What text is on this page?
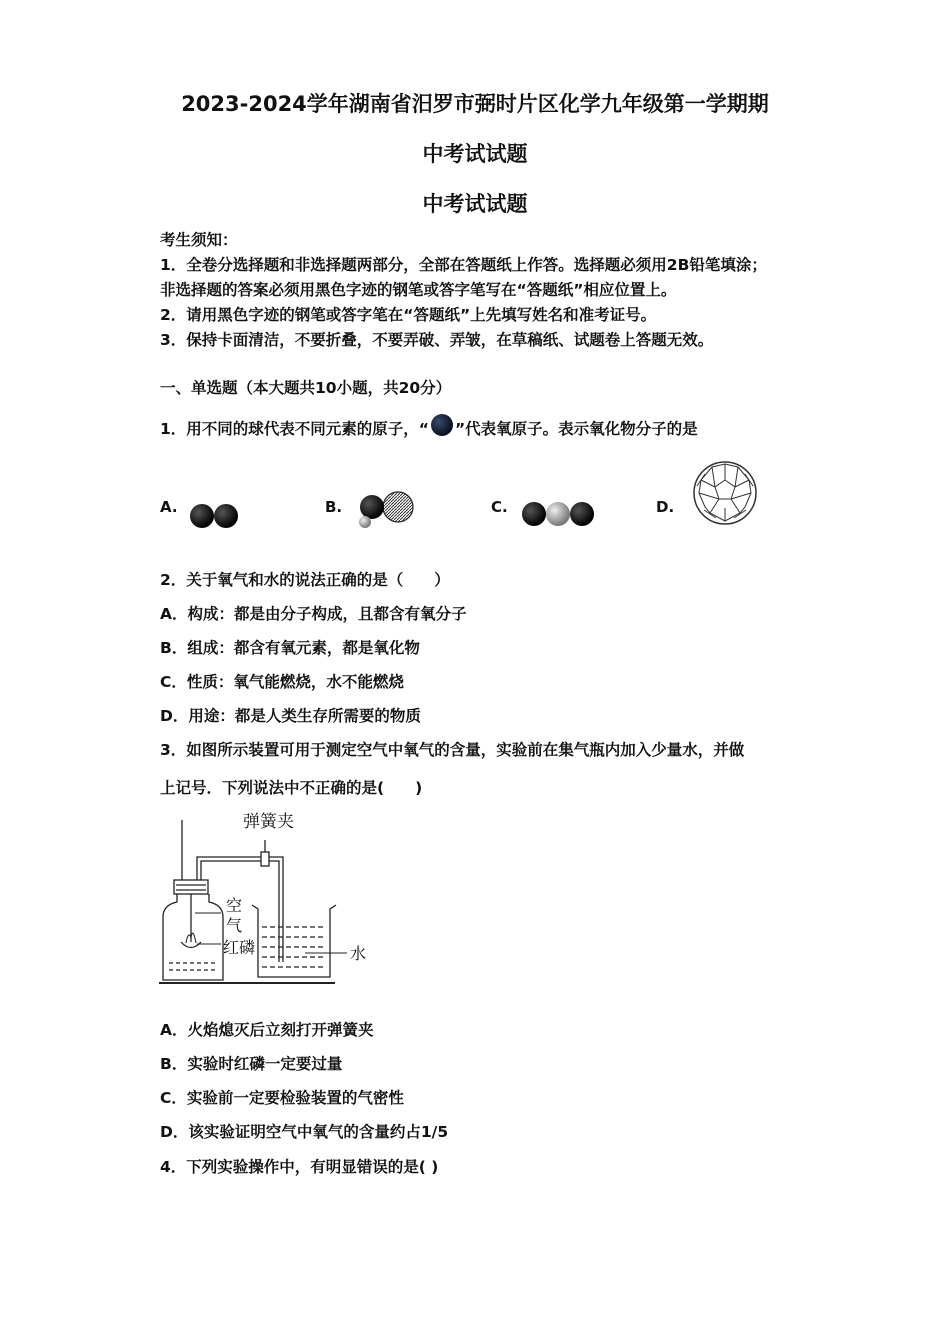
2023-2024学年湖南省汨罗市弼时片区化学九年级第一学期期
中考试试题
中考试试题
考生须知：
1．全卷分选择题和非选择题两部分，全部在答题纸上作答。选择题必须用2B铅笔填涂；
非选择题的答案必须用黑色字迹的钢笔或答字笔写在“答题纸”相应位置上。
2．请用黑色字迹的钢笔或答字笔在“答题纸”上先填写姓名和准考证号。
3．保持卡面清洁，不要折叠，不要弄破、弄皱，在草稿纸、试题卷上答题无效。
一、单选题（本大题共10小题，共20分）
1．用不同的球代表不同元素的原子，“ ”代表氧原子。表示氧化物分子的是
A.	B.	C.	D.
2．关于氧气和水的说法正确的是（　　）
A．构成：都是由分子构成，且都含有氧分子
B．组成：都含有氧元素，都是氧化物
C．性质：氧气能燃烧，水不能燃烧
D．用途：都是人类生存所需要的物质
3．如图所示装置可用于测定空气中氧气的含量，实验前在集气瓶内加入少量水，并做
上记号．下列说法中不正确的是(　　)
弹簧夹
空
气
红磷	水
A．火焰熄灭后立刻打开弹簧夹
B．实验时红磷一定要过量
C．实验前一定要检验装置的气密性
D．该实验证明空气中氧气的含量约占1/5
4．下列实验操作中，有明显错误的是( )
